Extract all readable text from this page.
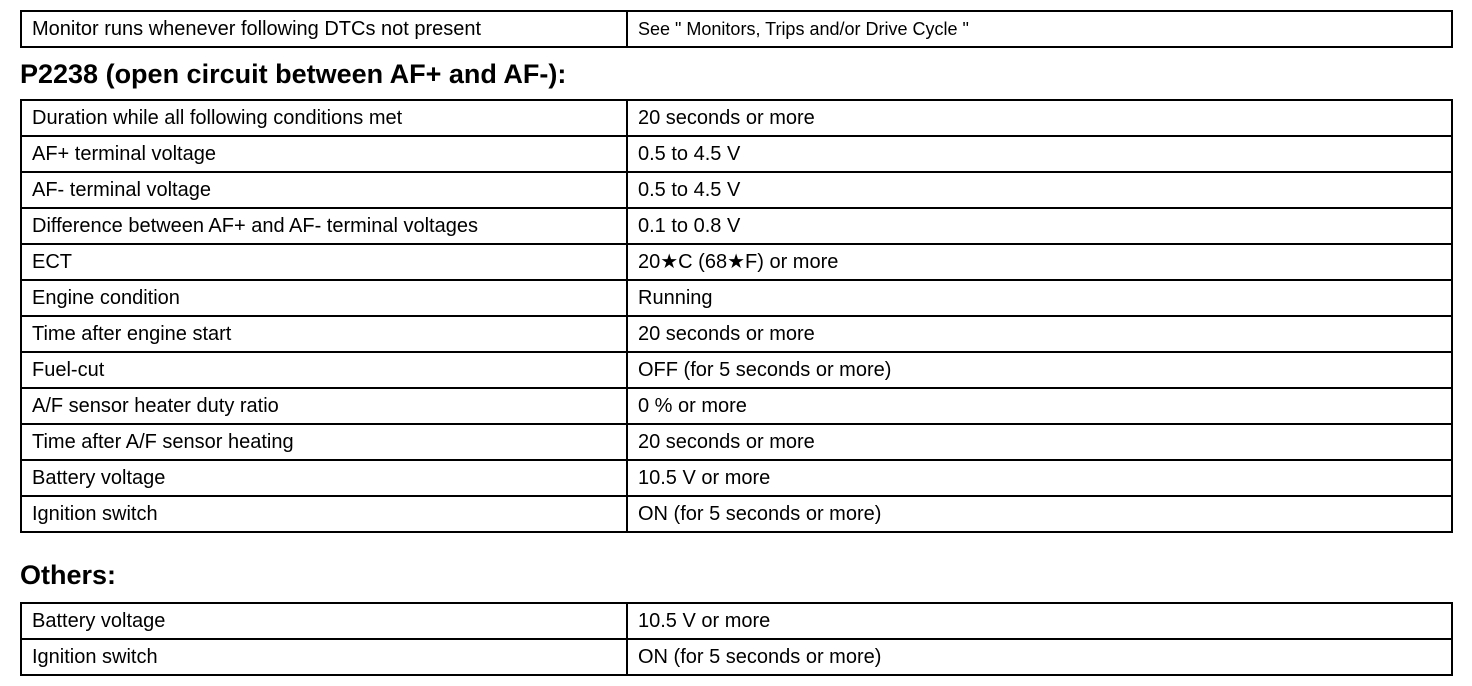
Monitor runs whenever following DTCs not present	See " Monitors, Trips and/or Drive Cycle "
P2238 (open circuit between AF+ and AF-):
Duration while all following conditions met	20 seconds or more
AF+ terminal voltage	0.5 to 4.5 V
AF- terminal voltage	0.5 to 4.5 V
Difference between AF+ and AF- terminal voltages	0.1 to 0.8 V
ECT	20★C (68★F) or more
Engine condition	Running
Time after engine start	20 seconds or more
Fuel-cut	OFF (for 5 seconds or more)
A/F sensor heater duty ratio	0 % or more
Time after A/F sensor heating	20 seconds or more
Battery voltage	10.5 V or more
Ignition switch	ON (for 5 seconds or more)
Others:
Battery voltage	10.5 V or more
Ignition switch	ON (for 5 seconds or more)
